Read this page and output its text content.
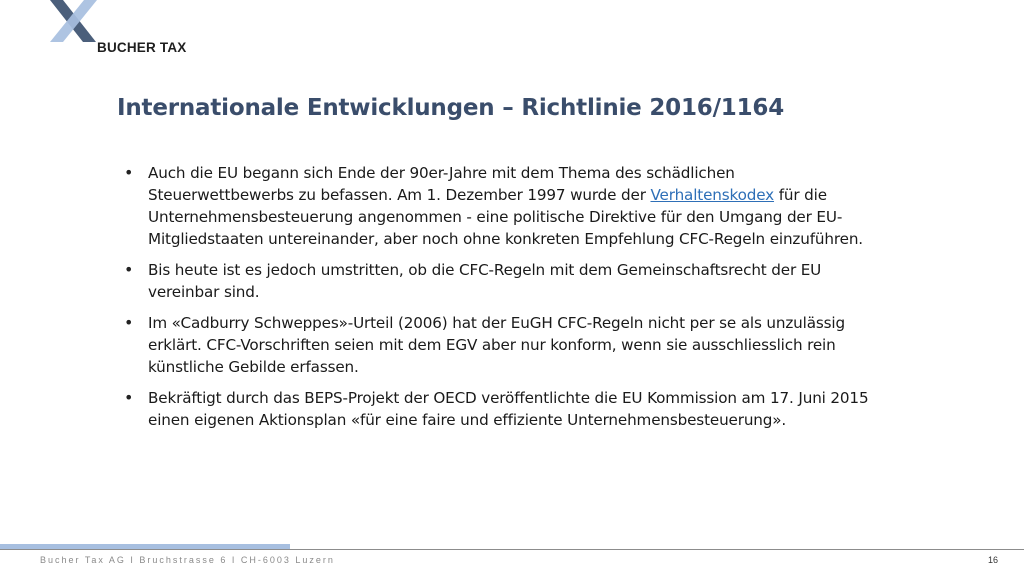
BUCHER TAX
Internationale Entwicklungen – Richtlinie 2016/1164
• Auch die EU begann sich Ende der 90er-Jahre mit dem Thema des schädlichen Steuerwettbewerbs zu befassen. Am 1. Dezember 1997 wurde der Verhaltenskodex für die Unternehmensbesteuerung angenommen - eine politische Direktive für den Umgang der EU-Mitgliedstaaten untereinander, aber noch ohne konkreten Empfehlung CFC-Regeln einzuführen.
• Bis heute ist es jedoch umstritten, ob die CFC-Regeln mit dem Gemeinschaftsrecht der EU vereinbar sind.
• Im «Cadburry Schweppes»-Urteil (2006) hat der EuGH CFC-Regeln nicht per se als unzulässig erklärt. CFC-Vorschriften seien mit dem EGV aber nur konform, wenn sie ausschliesslich rein künstliche Gebilde erfassen.
• Bekräftigt durch das BEPS-Projekt der OECD veröffentlichte die EU Kommission am 17. Juni 2015 einen eigenen Aktionsplan «für eine faire und effiziente Unternehmensbesteuerung».
Bucher Tax AG I Bruchstrasse 6 I CH-6003 Luzern	16
